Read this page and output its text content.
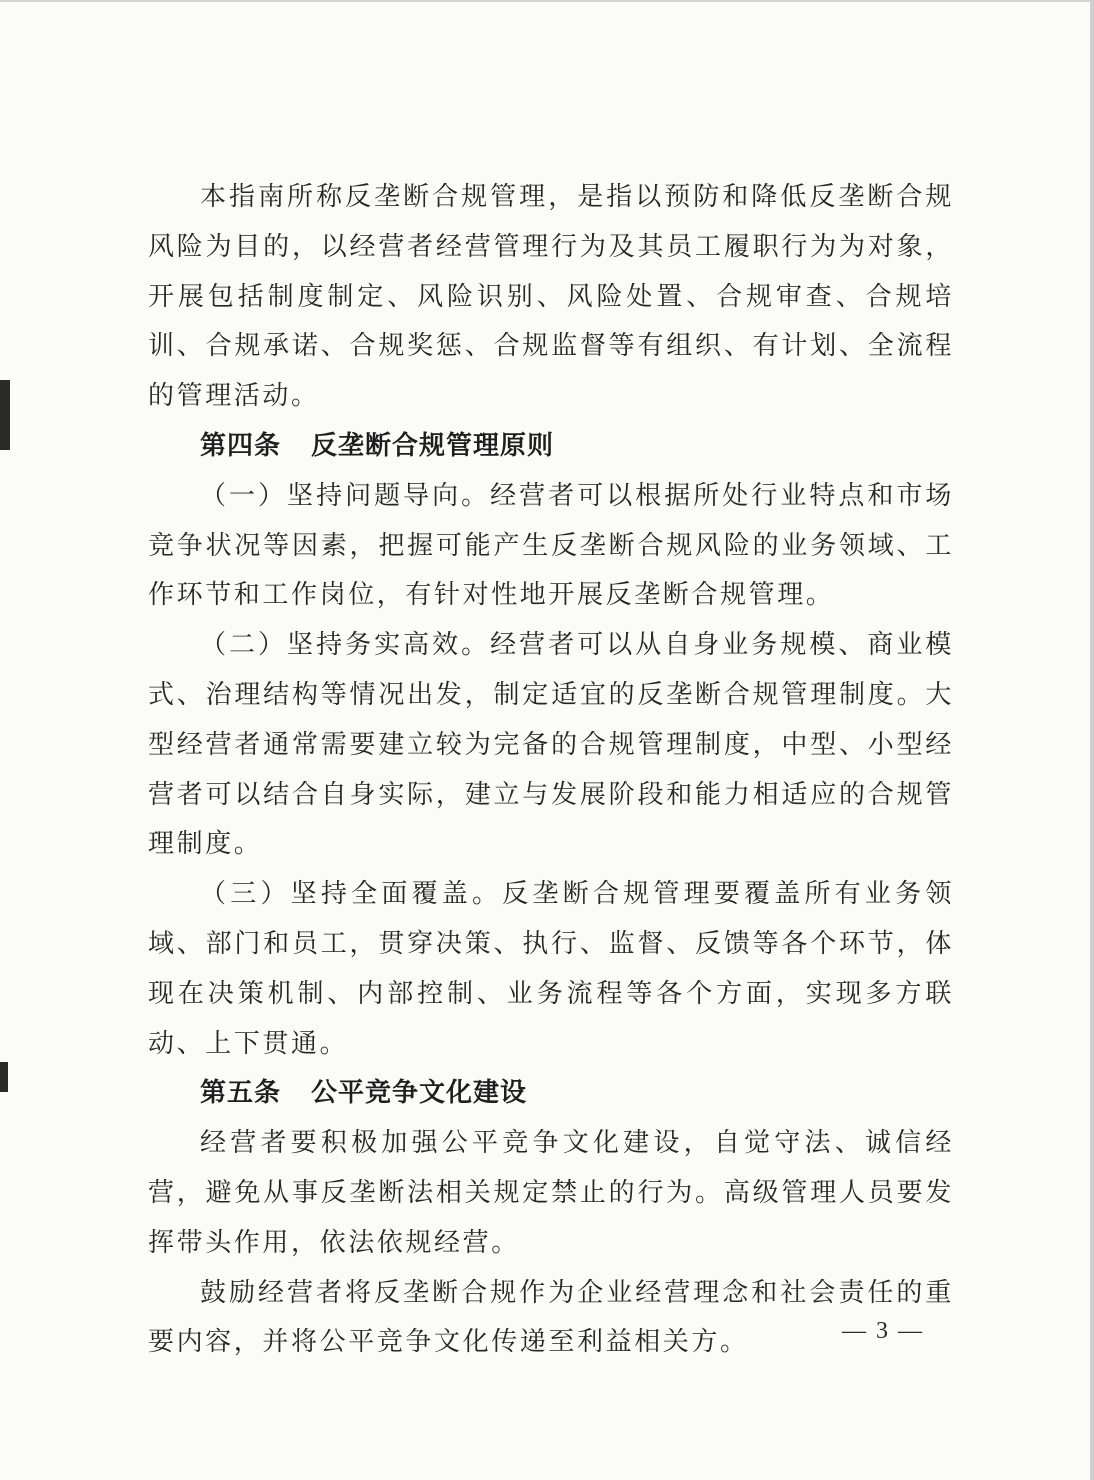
本指南所称反垄断合规管理，是指以预防和降低反垄断合规风险为目的，以经营者经营管理行为及其员工履职行为为对象，开展包括制度制定、风险识别、风险处置、合规审查、合规培训、合规承诺、合规奖惩、合规监督等有组织、有计划、全流程的管理活动。

第四条 反垄断合规管理原则

（一）坚持问题导向。经营者可以根据所处行业特点和市场竞争状况等因素，把握可能产生反垄断合规风险的业务领域、工作环节和工作岗位，有针对性地开展反垄断合规管理。

（二）坚持务实高效。经营者可以从自身业务规模、商业模式、治理结构等情况出发，制定适宜的反垄断合规管理制度。大型经营者通常需要建立较为完备的合规管理制度，中型、小型经营者可以结合自身实际，建立与发展阶段和能力相适应的合规管理制度。

（三）坚持全面覆盖。反垄断合规管理要覆盖所有业务领域、部门和员工，贯穿决策、执行、监督、反馈等各个环节，体现在决策机制、内部控制、业务流程等各个方面，实现多方联动、上下贯通。

第五条 公平竞争文化建设

经营者要积极加强公平竞争文化建设，自觉守法、诚信经营，避免从事反垄断法相关规定禁止的行为。高级管理人员要发挥带头作用，依法依规经营。

鼓励经营者将反垄断合规作为企业经营理念和社会责任的重要内容，并将公平竞争文化传递至利益相关方。	— 3 —
